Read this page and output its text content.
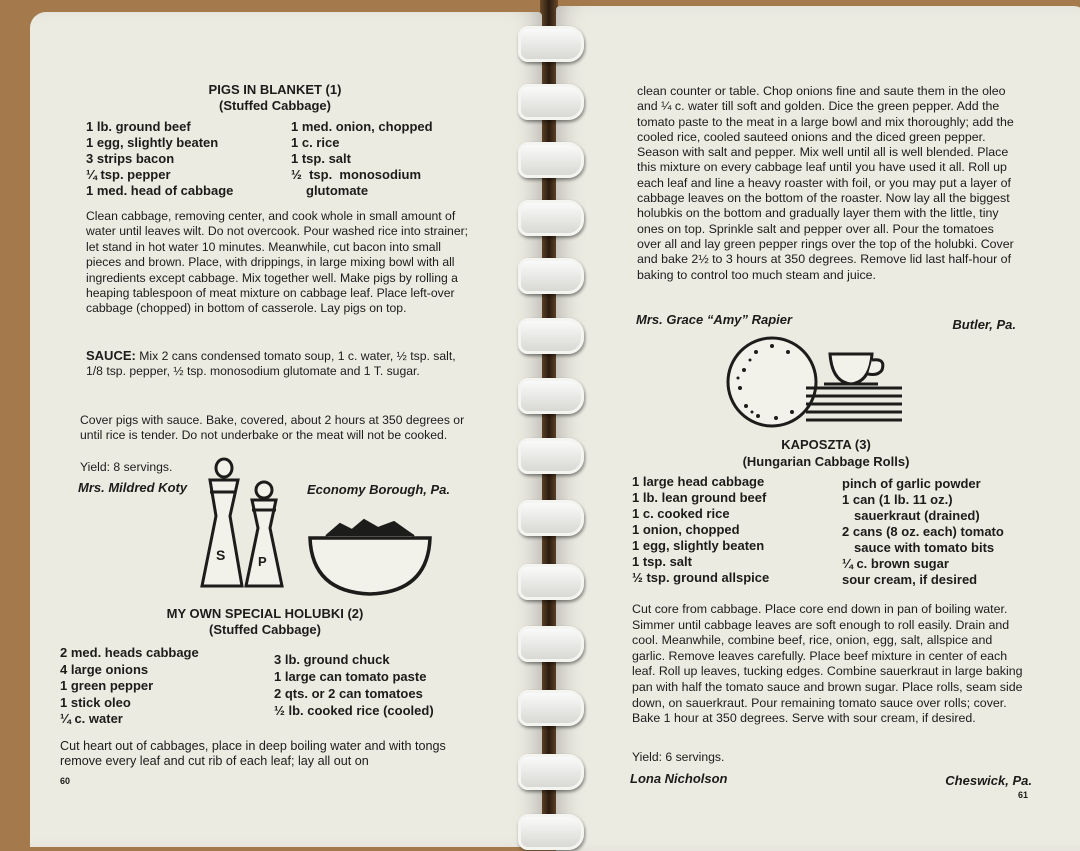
PIGS IN BLANKET (1)
(Stuffed Cabbage)
1 lb. ground beef
1 egg, slightly beaten
3 strips bacon
¼ tsp. pepper
1 med. head of cabbage
1 med. onion, chopped
1 c. rice
1 tsp. salt
½  tsp.  monosodium
glutomate
Clean cabbage, removing center, and cook whole in small amount of water until leaves wilt. Do not overcook. Pour washed rice into strainer; let stand in hot water 10 minutes. Meanwhile, cut bacon into small pieces and brown. Place, with drippings, in large mixing bowl with all ingredients except cabbage. Mix together well. Make pigs by rolling a heaping tablespoon of meat mixture on cabbage leaf. Place left-over cabbage (chopped) in bottom of casserole. Lay pigs on top.
SAUCE: Mix 2 cans condensed tomato soup, 1 c. water, ½ tsp. salt, 1/8 tsp. pepper, ½ tsp. monosodium glutomate and 1 T. sugar.
Cover pigs with sauce. Bake, covered, about 2 hours at 350 degrees or until rice is tender. Do not underbake or the meat will not be cooked.
Yield: 8 servings.
Mrs. Mildred Koty	Economy Borough, Pa.
S	P
MY OWN SPECIAL HOLUBKI (2)
(Stuffed Cabbage)
2 med. heads cabbage
4 large onions
1 green pepper
1 stick oleo
¼ c. water
3 lb. ground chuck
1 large can tomato paste
2 qts. or 2 can tomatoes
½ lb. cooked rice (cooled)
Cut heart out of cabbages, place in deep boiling water and with tongs remove every leaf and cut rib of each leaf; lay all out on
60
clean counter or table. Chop onions fine and saute them in the oleo and ¼ c. water till soft and golden. Dice the green pepper. Add the tomato paste to the meat in a large bowl and mix thoroughly; add the cooled rice, cooled sauteed onions and the diced green pepper. Season with salt and pepper. Mix well until all is well blended. Place this mixture on every cabbage leaf until you have used it all. Roll up each leaf and line a heavy roaster with foil, or you may put a layer of cabbage leaves on the bottom of the roaster. Now lay all the biggest holubkis on the bottom and gradually layer them with the little, tiny ones on top. Sprinkle salt and pepper over all. Pour the tomatoes over all and lay green pepper rings over the top of the holubki. Cover and bake 2½ to 3 hours at 350 degrees. Remove lid last half-hour of baking to control too much steam and juice.
Mrs. Grace “Amy” Rapier	Butler, Pa.
KAPOSZTA (3)
(Hungarian Cabbage Rolls)
1 large head cabbage
1 lb. lean ground beef
1 c. cooked rice
1 onion, chopped
1 egg, slightly beaten
1 tsp. salt
½ tsp. ground allspice
pinch of garlic powder
1 can (1 lb. 11 oz.)
sauerkraut (drained)
2 cans (8 oz. each) tomato
sauce with tomato bits
¼ c. brown sugar
sour cream, if desired
Cut core from cabbage. Place core end down in pan of boiling water. Simmer until cabbage leaves are soft enough to roll easily. Drain and cool. Meanwhile, combine beef, rice, onion, egg, salt, allspice and garlic. Remove leaves carefully. Place beef mixture in center of each leaf. Roll up leaves, tucking edges. Combine sauerkraut in large baking pan with half the tomato sauce and brown sugar. Place rolls, seam side down, on sauerkraut. Pour remaining tomato sauce over rolls; cover. Bake 1 hour at 350 degrees. Serve with sour cream, if desired.
Yield: 6 servings.
Lona Nicholson	Cheswick, Pa.
61
